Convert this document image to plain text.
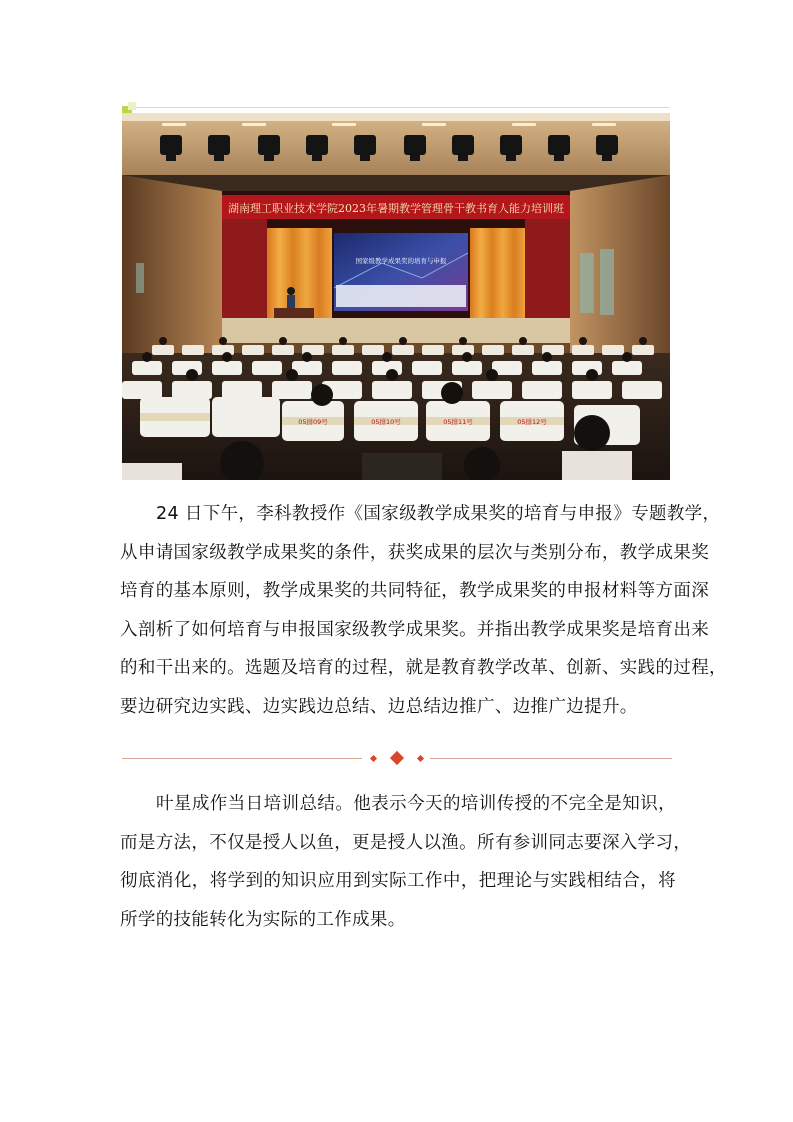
湖南理工职业技术学院2023年暑期教学管理骨干教书育人能力培训班
国家级教学成果奖的培育与申报
05排09号	05排10号	05排11号	05排12号
24 日下午，李科教授作《国家级教学成果奖的培育与申报》专题教学，
从申请国家级教学成果奖的条件，获奖成果的层次与类别分布，教学成果奖
培育的基本原则，教学成果奖的共同特征，教学成果奖的申报材料等方面深
入剖析了如何培育与申报国家级教学成果奖。并指出教学成果奖是培育出来
的和干出来的。选题及培育的过程，就是教育教学改革、创新、实践的过程，
要边研究边实践、边实践边总结、边总结边推广、边推广边提升。
叶星成作当日培训总结。他表示今天的培训传授的不完全是知识，
而是方法，不仅是授人以鱼，更是授人以渔。所有参训同志要深入学习，
彻底消化，将学到的知识应用到实际工作中，把理论与实践相结合，将
所学的技能转化为实际的工作成果。
